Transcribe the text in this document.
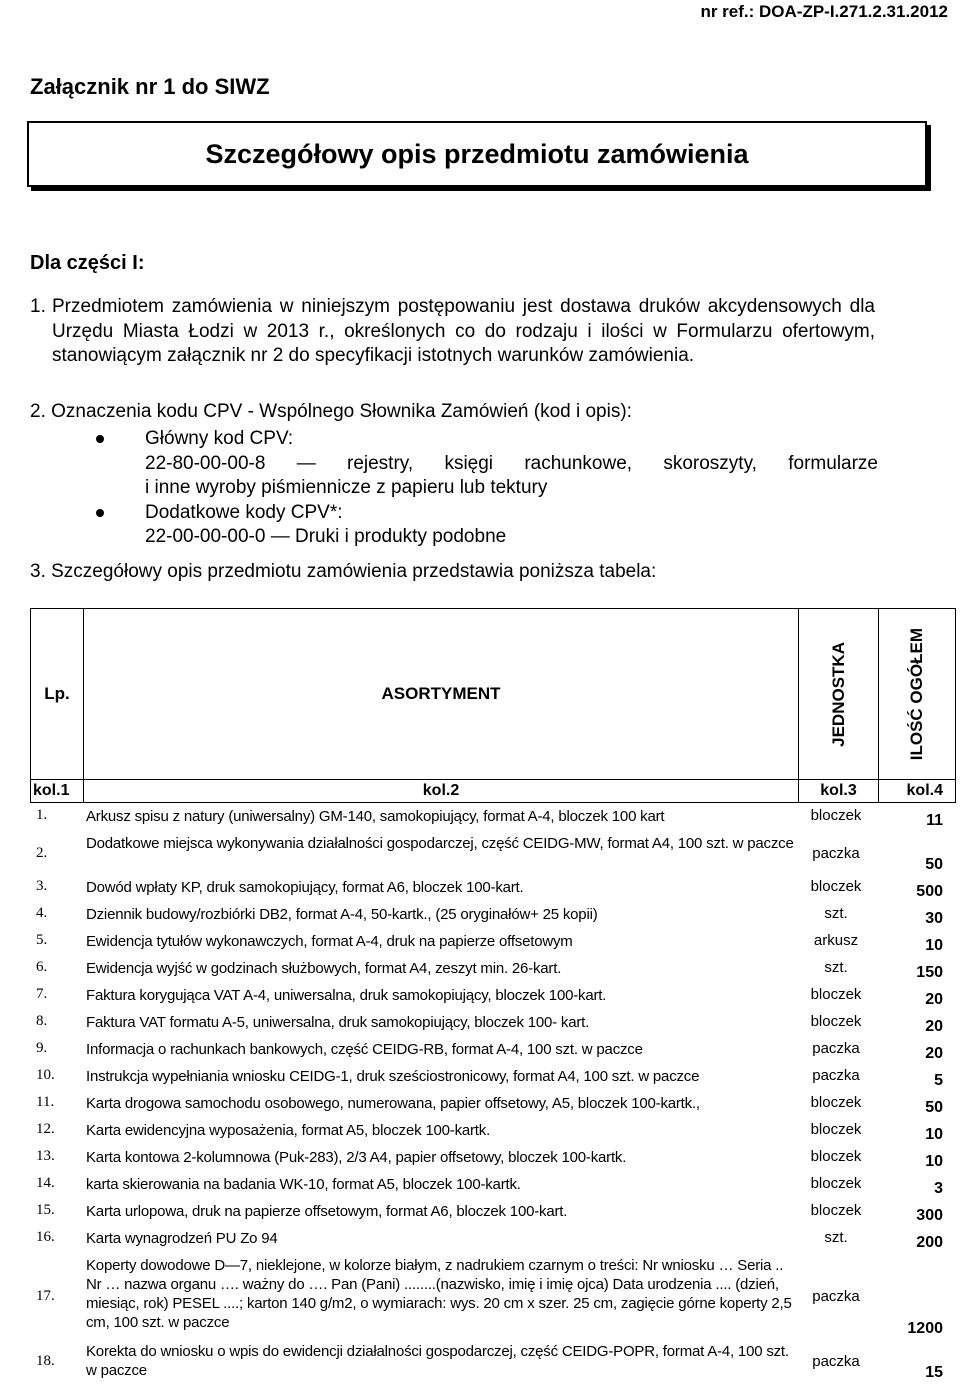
nr ref.: DOA-ZP-I.271.2.31.2012
Załącznik nr 1 do SIWZ
Szczegółowy opis przedmiotu zamówienia
Dla części I:
1. Przedmiotem zamówienia w niniejszym postępowaniu jest dostawa druków akcydensowych dla Urzędu Miasta Łodzi w 2013 r., określonych co do rodzaju i ilości w Formularzu ofertowym, stanowiącym załącznik nr 2 do specyfikacji istotnych warunków zamówienia.
2. Oznaczenia kodu CPV - Wspólnego Słownika Zamówień (kod i opis):
Główny kod CPV:
22-80-00-00-8 — rejestry, księgi rachunkowe, skoroszyty, formularze
i inne wyroby piśmiennicze z papieru lub tektury
Dodatkowe kody CPV*:
22-00-00-00-0 — Druki i produkty podobne
3. Szczegółowy opis przedmiotu zamówienia przedstawia poniższa tabela:
Lp.	ASORTYMENT	JEDNOSTKA	ILOŚĆ OGÓŁEM

kol.1	kol.2	kol.3	kol.4
1.	Arkusz spisu z natury (uniwersalny) GM-140, samokopiujący, format A-4, bloczek 100 kart	bloczek	11
2.	Dodatkowe miejsca wykonywania działalności gospodarczej, część CEIDG-MW, format A4, 100 szt. w paczce	paczka	50
3.	Dowód wpłaty KP, druk samokopiujący, format A6, bloczek 100-kart.	bloczek	500
4.	Dziennik budowy/rozbiórki DB2, format A-4, 50-kartk., (25 oryginałów+ 25 kopii)	szt.	30
5.	Ewidencja tytułów wykonawczych, format A-4, druk na papierze offsetowym	arkusz	10
6.	Ewidencja wyjść w godzinach służbowych, format A4, zeszyt min. 26-kart.	szt.	150
7.	Faktura korygująca VAT A-4, uniwersalna, druk samokopiujący, bloczek 100-kart.	bloczek	20
8.	Faktura VAT formatu A-5, uniwersalna, druk samokopiujący, bloczek 100- kart.	bloczek	20
9.	Informacja o rachunkach bankowych, część CEIDG-RB, format A-4, 100 szt. w paczce	paczka	20
10.	Instrukcja wypełniania wniosku CEIDG-1, druk sześciostronicowy, format A4, 100 szt. w paczce	paczka	5
11.	Karta drogowa samochodu osobowego, numerowana, papier offsetowy, A5, bloczek 100-kartk.,	bloczek	50
12.	Karta ewidencyjna wyposażenia, format A5, bloczek 100-kartk.	bloczek	10
13.	Karta kontowa 2-kolumnowa (Puk-283), 2/3 A4, papier offsetowy, bloczek 100-kartk.	bloczek	10
14.	karta skierowania na badania WK-10, format A5, bloczek 100-kartk.	bloczek	3
15.	Karta urlopowa, druk na papierze offsetowym, format A6, bloczek 100-kart.	bloczek	300
16.	Karta wynagrodzeń PU Zo 94	szt.	200
17.	Koperty dowodowe D—7, nieklejone, w kolorze białym, z nadrukiem czarnym o treści: Nr wniosku … Seria .. Nr … nazwa organu …. ważny do …. Pan (Pani) ........(nazwisko, imię i imię ojca) Data urodzenia .... (dzień, miesiąc, rok) PESEL ....; karton 140 g/m2, o wymiarach: wys. 20 cm x szer. 25 cm, zagięcie górne koperty 2,5 cm, 100 szt. w paczce	paczka	1200
18.	Korekta do wniosku o wpis do ewidencji działalności gospodarczej, część CEIDG-POPR, format A-4, 100 szt. w paczce	paczka	15
